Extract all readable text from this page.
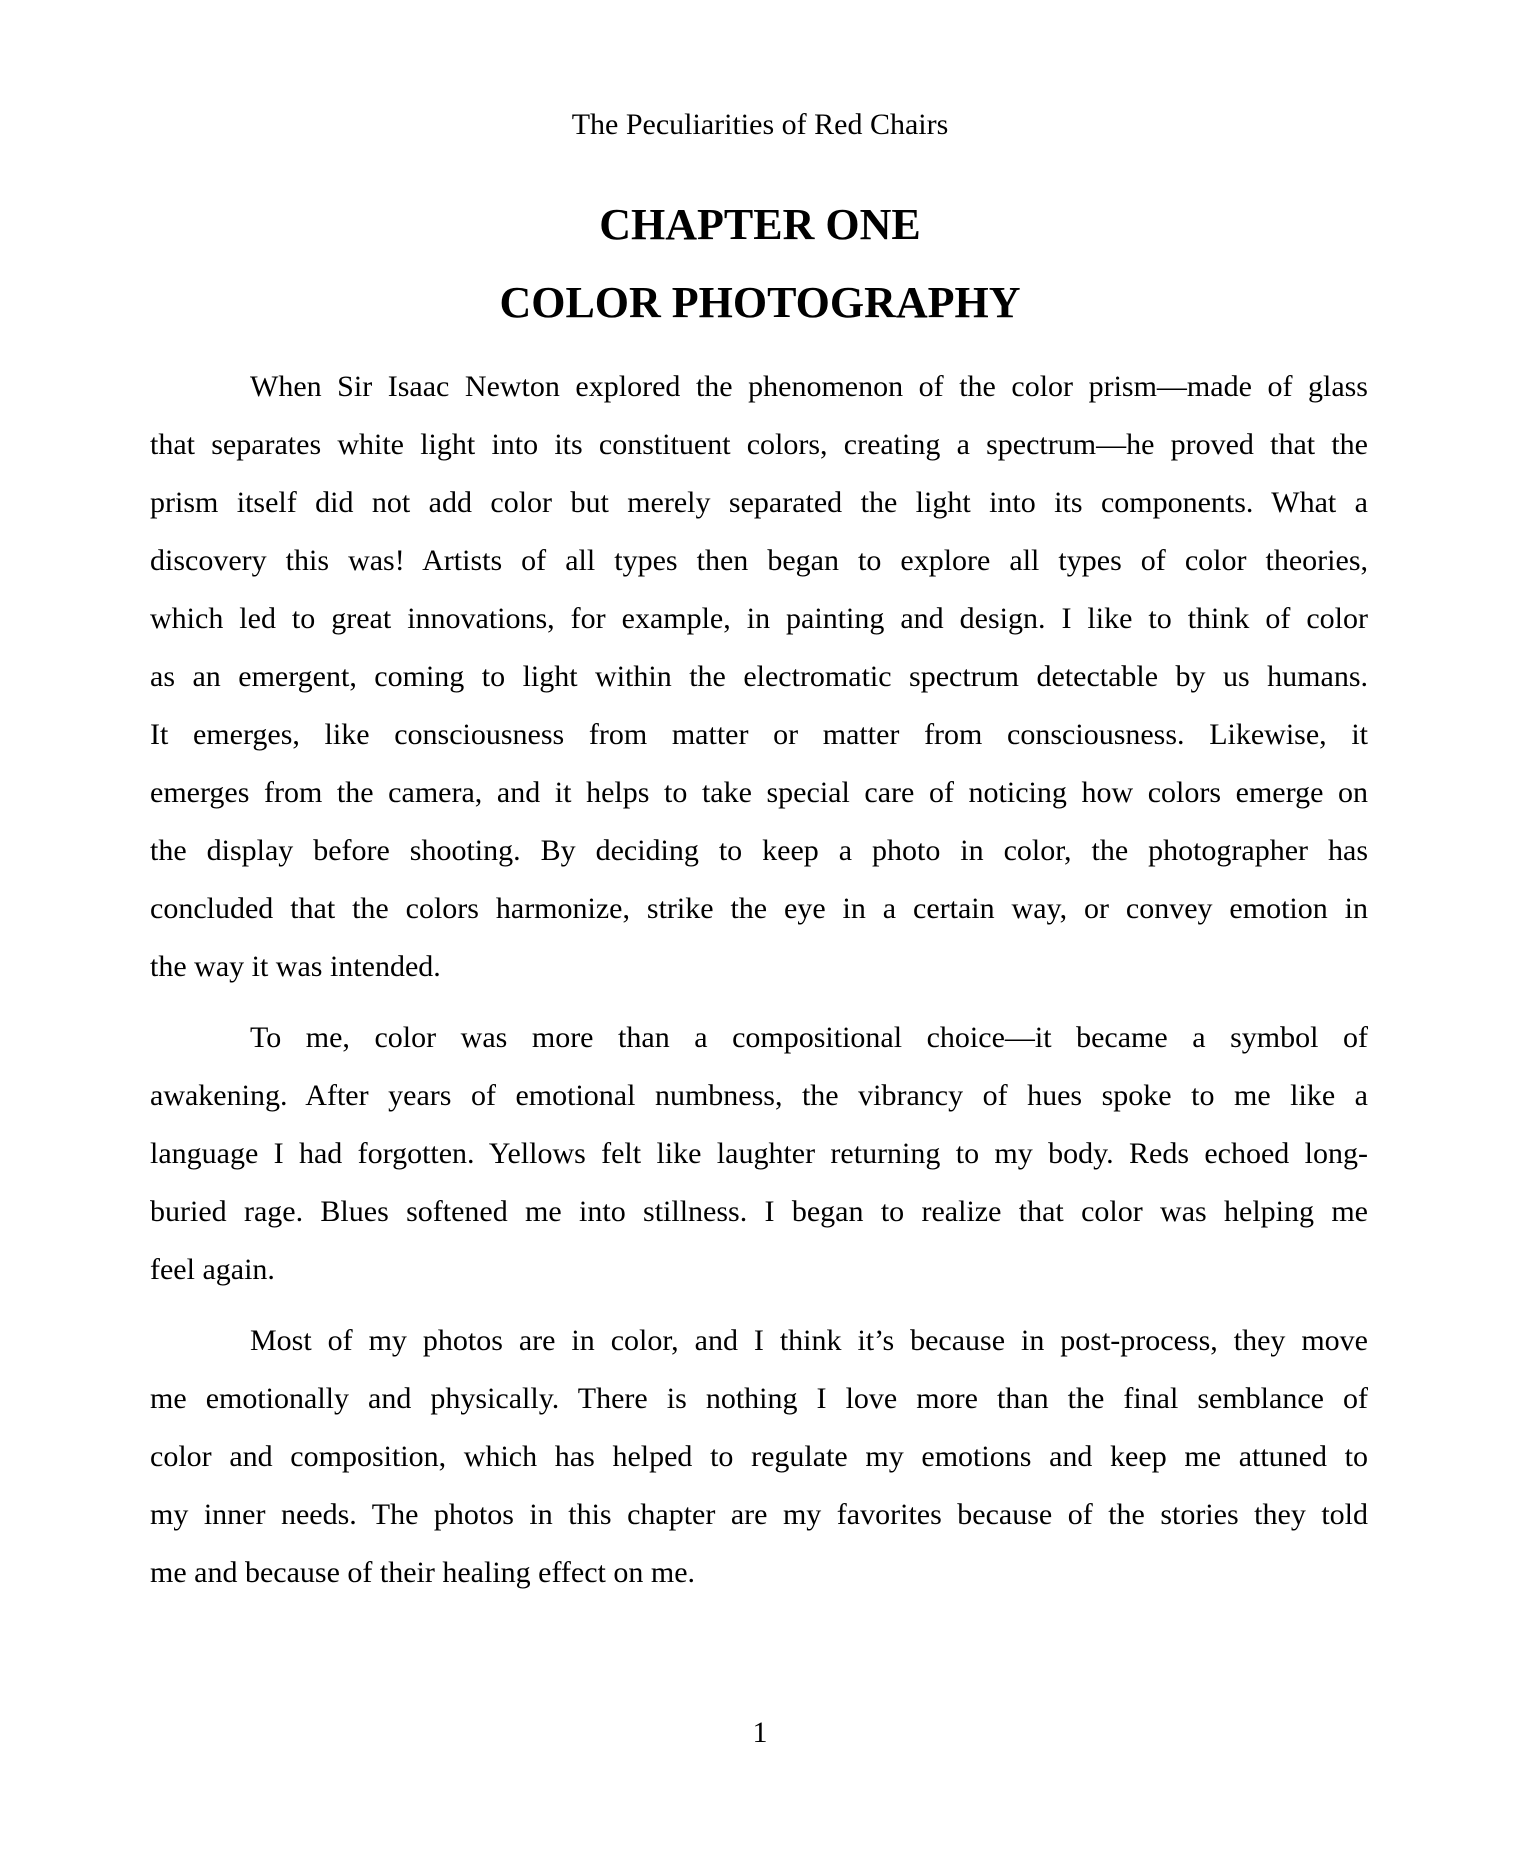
The Peculiarities of Red Chairs
CHAPTER ONE
COLOR PHOTOGRAPHY
When Sir Isaac Newton explored the phenomenon of the color prism—made of glass
that separates white light into its constituent colors, creating a spectrum—he proved that the
prism itself did not add color but merely separated the light into its components. What a
discovery this was! Artists of all types then began to explore all types of color theories,
which led to great innovations, for example, in painting and design. I like to think of color
as an emergent, coming to light within the electromatic spectrum detectable by us humans.
It emerges, like consciousness from matter or matter from consciousness. Likewise, it
emerges from the camera, and it helps to take special care of noticing how colors emerge on
the display before shooting. By deciding to keep a photo in color, the photographer has
concluded that the colors harmonize, strike the eye in a certain way, or convey emotion in
the way it was intended.
To me, color was more than a compositional choice—it became a symbol of
awakening. After years of emotional numbness, the vibrancy of hues spoke to me like a
language I had forgotten. Yellows felt like laughter returning to my body. Reds echoed long-
buried rage. Blues softened me into stillness. I began to realize that color was helping me
feel again.
Most of my photos are in color, and I think it’s because in post-process, they move
me emotionally and physically. There is nothing I love more than the final semblance of
color and composition, which has helped to regulate my emotions and keep me attuned to
my inner needs. The photos in this chapter are my favorites because of the stories they told
me and because of their healing effect on me.
1
